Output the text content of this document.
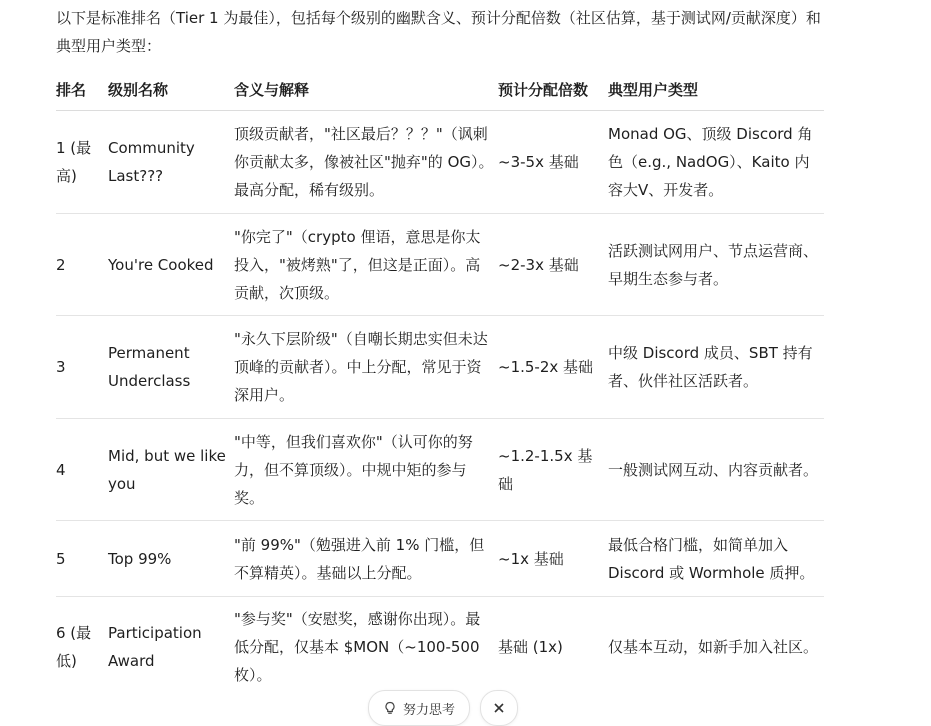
以下是标准排名（Tier 1 为最佳），包括每个级别的幽默含义、预计分配倍数（社区估算，基于测试网/贡献深度）和典型用户类型：
排名	级别名称	含义与解释	预计分配倍数	典型用户类型
1 (最高)	Community Last???	顶级贡献者，"社区最后？？？"（讽刺你贡献太多，像被社区"抛弃"的 OG）。最高分配，稀有级别。	~3-5x 基础	Monad OG、顶级 Discord 角色（e.g., NadOG）、Kaito 内容大V、开发者。
2	You're Cooked	"你完了"（crypto 俚语，意思是你太投入，"被烤熟"了，但这是正面）。高贡献，次顶级。	~2-3x 基础	活跃测试网用户、节点运营商、早期生态参与者。
3	Permanent Underclass	"永久下层阶级"（自嘲长期忠实但未达顶峰的贡献者）。中上分配，常见于资深用户。	~1.5-2x 基础	中级 Discord 成员、SBT 持有者、伙伴社区活跃者。
4	Mid, but we like you	"中等，但我们喜欢你"（认可你的努力，但不算顶级）。中规中矩的参与奖。	~1.2-1.5x 基础	一般测试网互动、内容贡献者。
5	Top 99%	"前 99%"（勉强进入前 1% 门槛，但不算精英）。基础以上分配。	~1x 基础	最低合格门槛，如简单加入 Discord 或 Wormhole 质押。
6 (最低)	Participation Award	"参与奖"（安慰奖，感谢你出现）。最低分配，仅基本 $MON（~100-500 枚）。	基础 (1x)	仅基本互动，如新手加入社区。
努力思考
